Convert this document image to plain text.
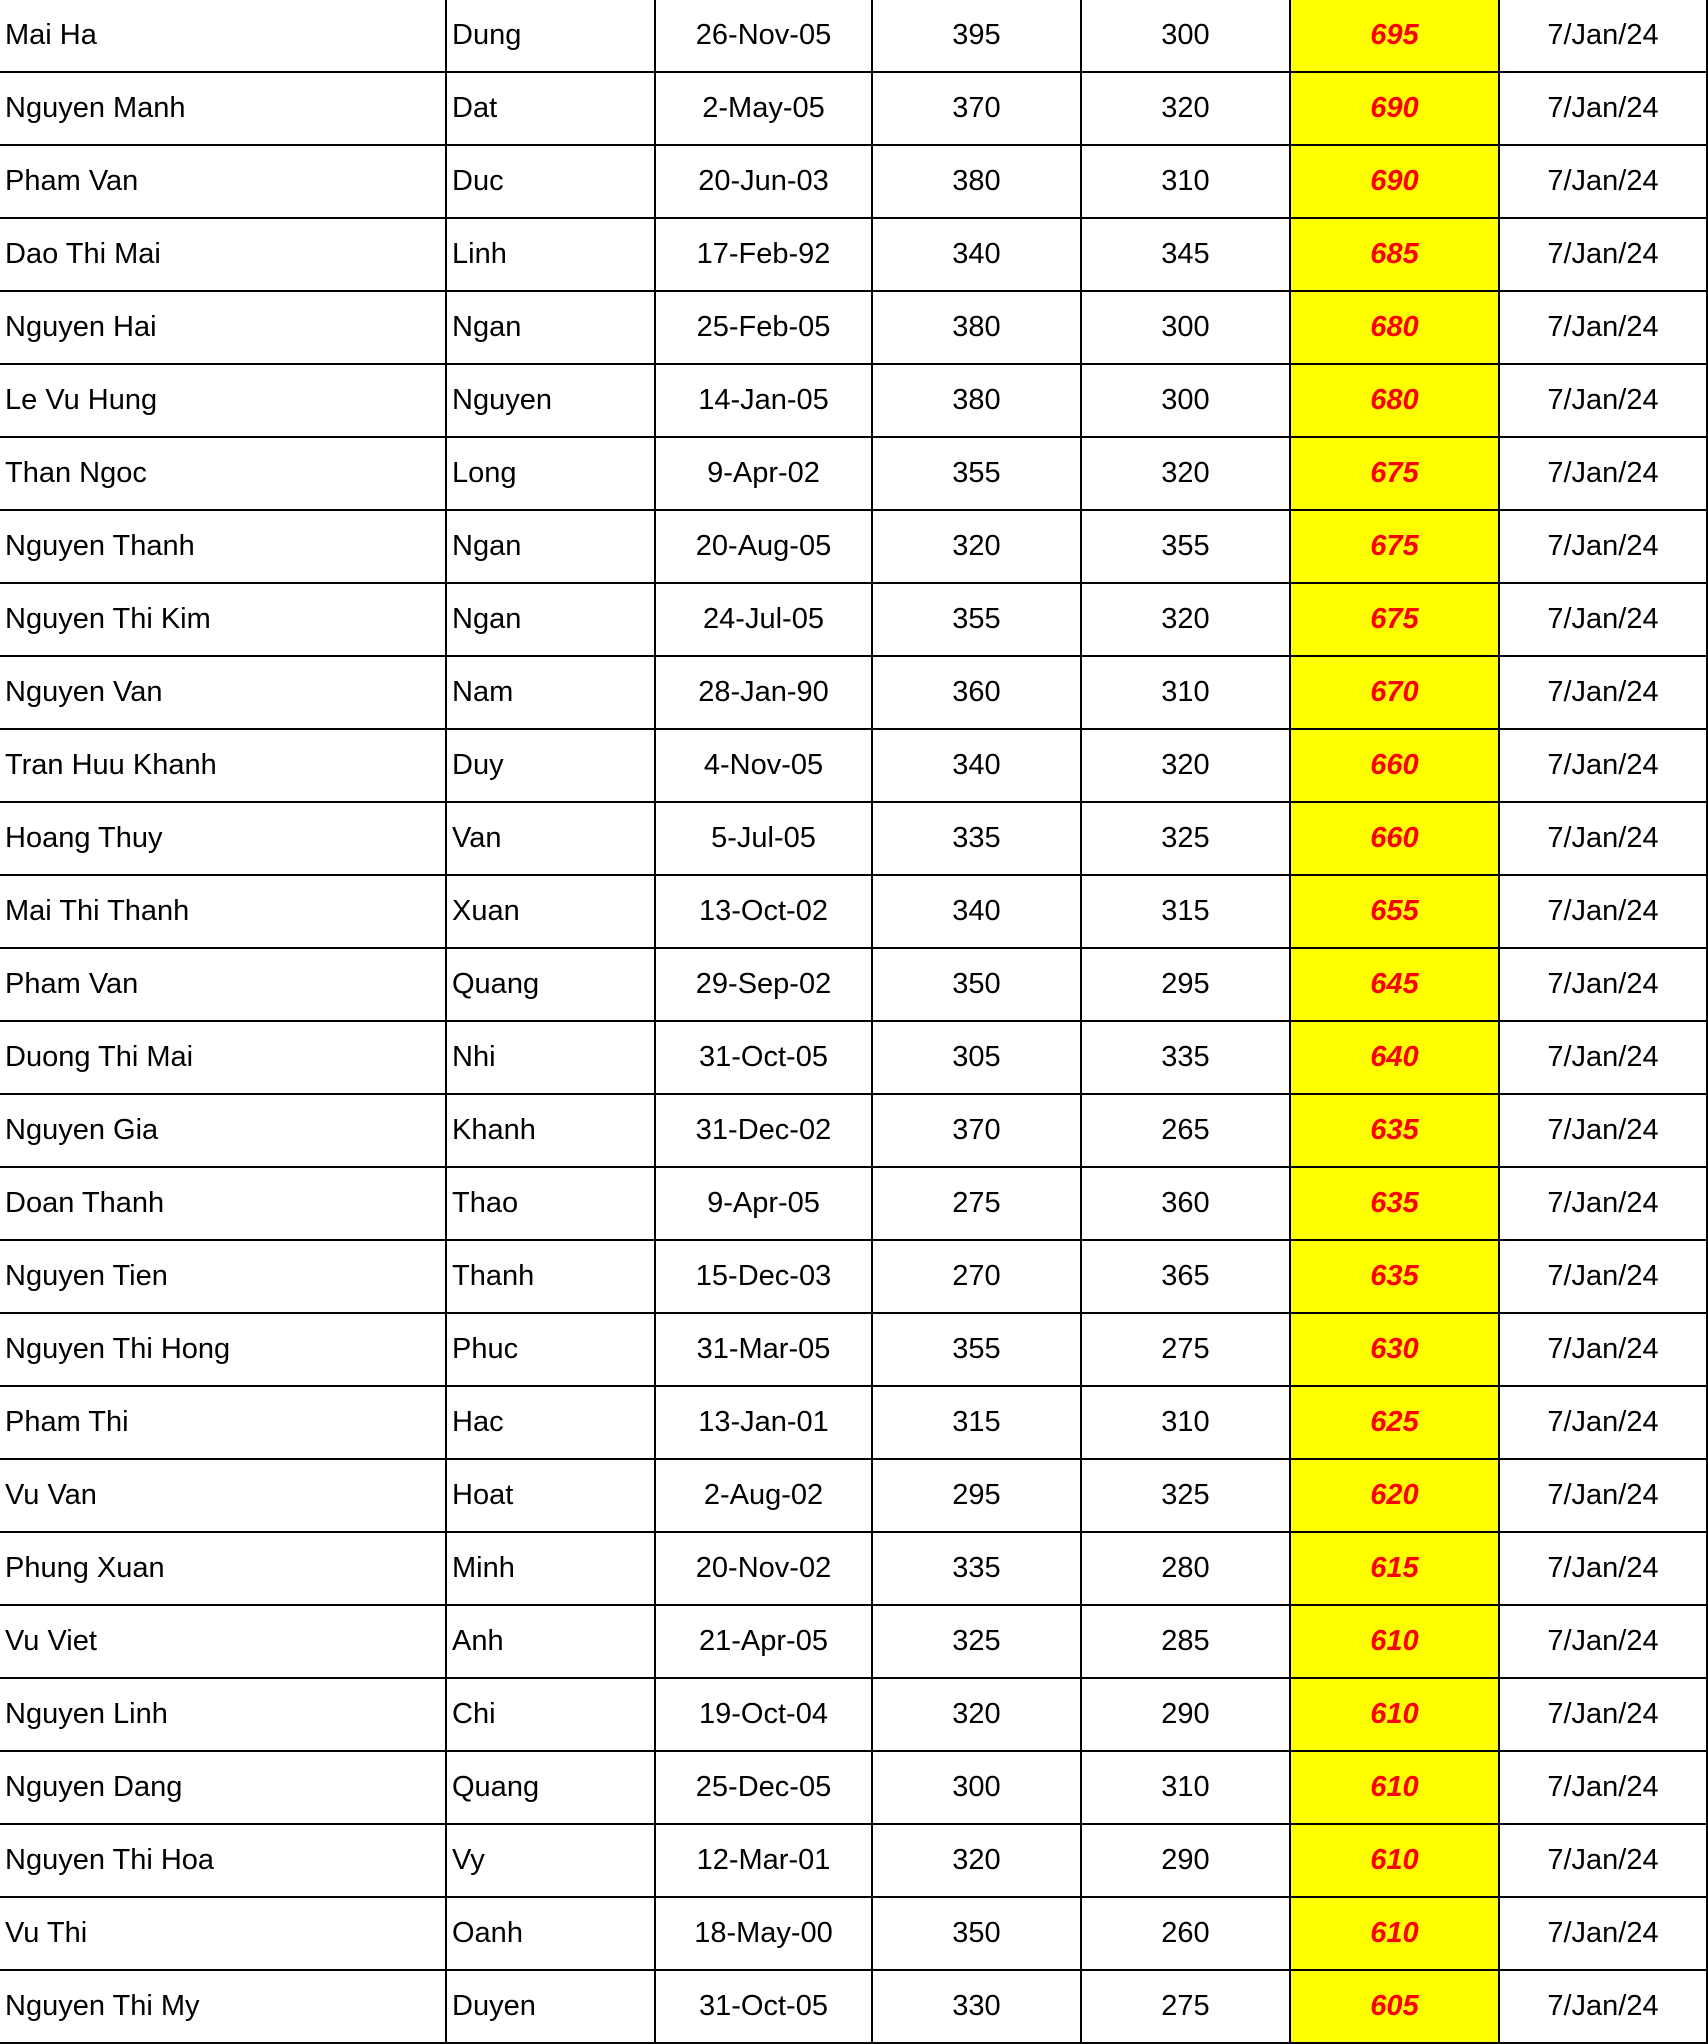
Mai Ha	Dung	26-Nov-05	395	300	695	7/Jan/24
Nguyen Manh	Dat	2-May-05	370	320	690	7/Jan/24
Pham Van	Duc	20-Jun-03	380	310	690	7/Jan/24
Dao Thi Mai	Linh	17-Feb-92	340	345	685	7/Jan/24
Nguyen Hai	Ngan	25-Feb-05	380	300	680	7/Jan/24
Le Vu Hung	Nguyen	14-Jan-05	380	300	680	7/Jan/24
Than Ngoc	Long	9-Apr-02	355	320	675	7/Jan/24
Nguyen Thanh	Ngan	20-Aug-05	320	355	675	7/Jan/24
Nguyen Thi Kim	Ngan	24-Jul-05	355	320	675	7/Jan/24
Nguyen Van	Nam	28-Jan-90	360	310	670	7/Jan/24
Tran Huu Khanh	Duy	4-Nov-05	340	320	660	7/Jan/24
Hoang Thuy	Van	5-Jul-05	335	325	660	7/Jan/24
Mai Thi Thanh	Xuan	13-Oct-02	340	315	655	7/Jan/24
Pham Van	Quang	29-Sep-02	350	295	645	7/Jan/24
Duong Thi Mai	Nhi	31-Oct-05	305	335	640	7/Jan/24
Nguyen Gia	Khanh	31-Dec-02	370	265	635	7/Jan/24
Doan Thanh	Thao	9-Apr-05	275	360	635	7/Jan/24
Nguyen Tien	Thanh	15-Dec-03	270	365	635	7/Jan/24
Nguyen Thi Hong	Phuc	31-Mar-05	355	275	630	7/Jan/24
Pham Thi	Hac	13-Jan-01	315	310	625	7/Jan/24
Vu Van	Hoat	2-Aug-02	295	325	620	7/Jan/24
Phung Xuan	Minh	20-Nov-02	335	280	615	7/Jan/24
Vu Viet	Anh	21-Apr-05	325	285	610	7/Jan/24
Nguyen Linh	Chi	19-Oct-04	320	290	610	7/Jan/24
Nguyen Dang	Quang	25-Dec-05	300	310	610	7/Jan/24
Nguyen Thi Hoa	Vy	12-Mar-01	320	290	610	7/Jan/24
Vu Thi	Oanh	18-May-00	350	260	610	7/Jan/24
Nguyen Thi My	Duyen	31-Oct-05	330	275	605	7/Jan/24
